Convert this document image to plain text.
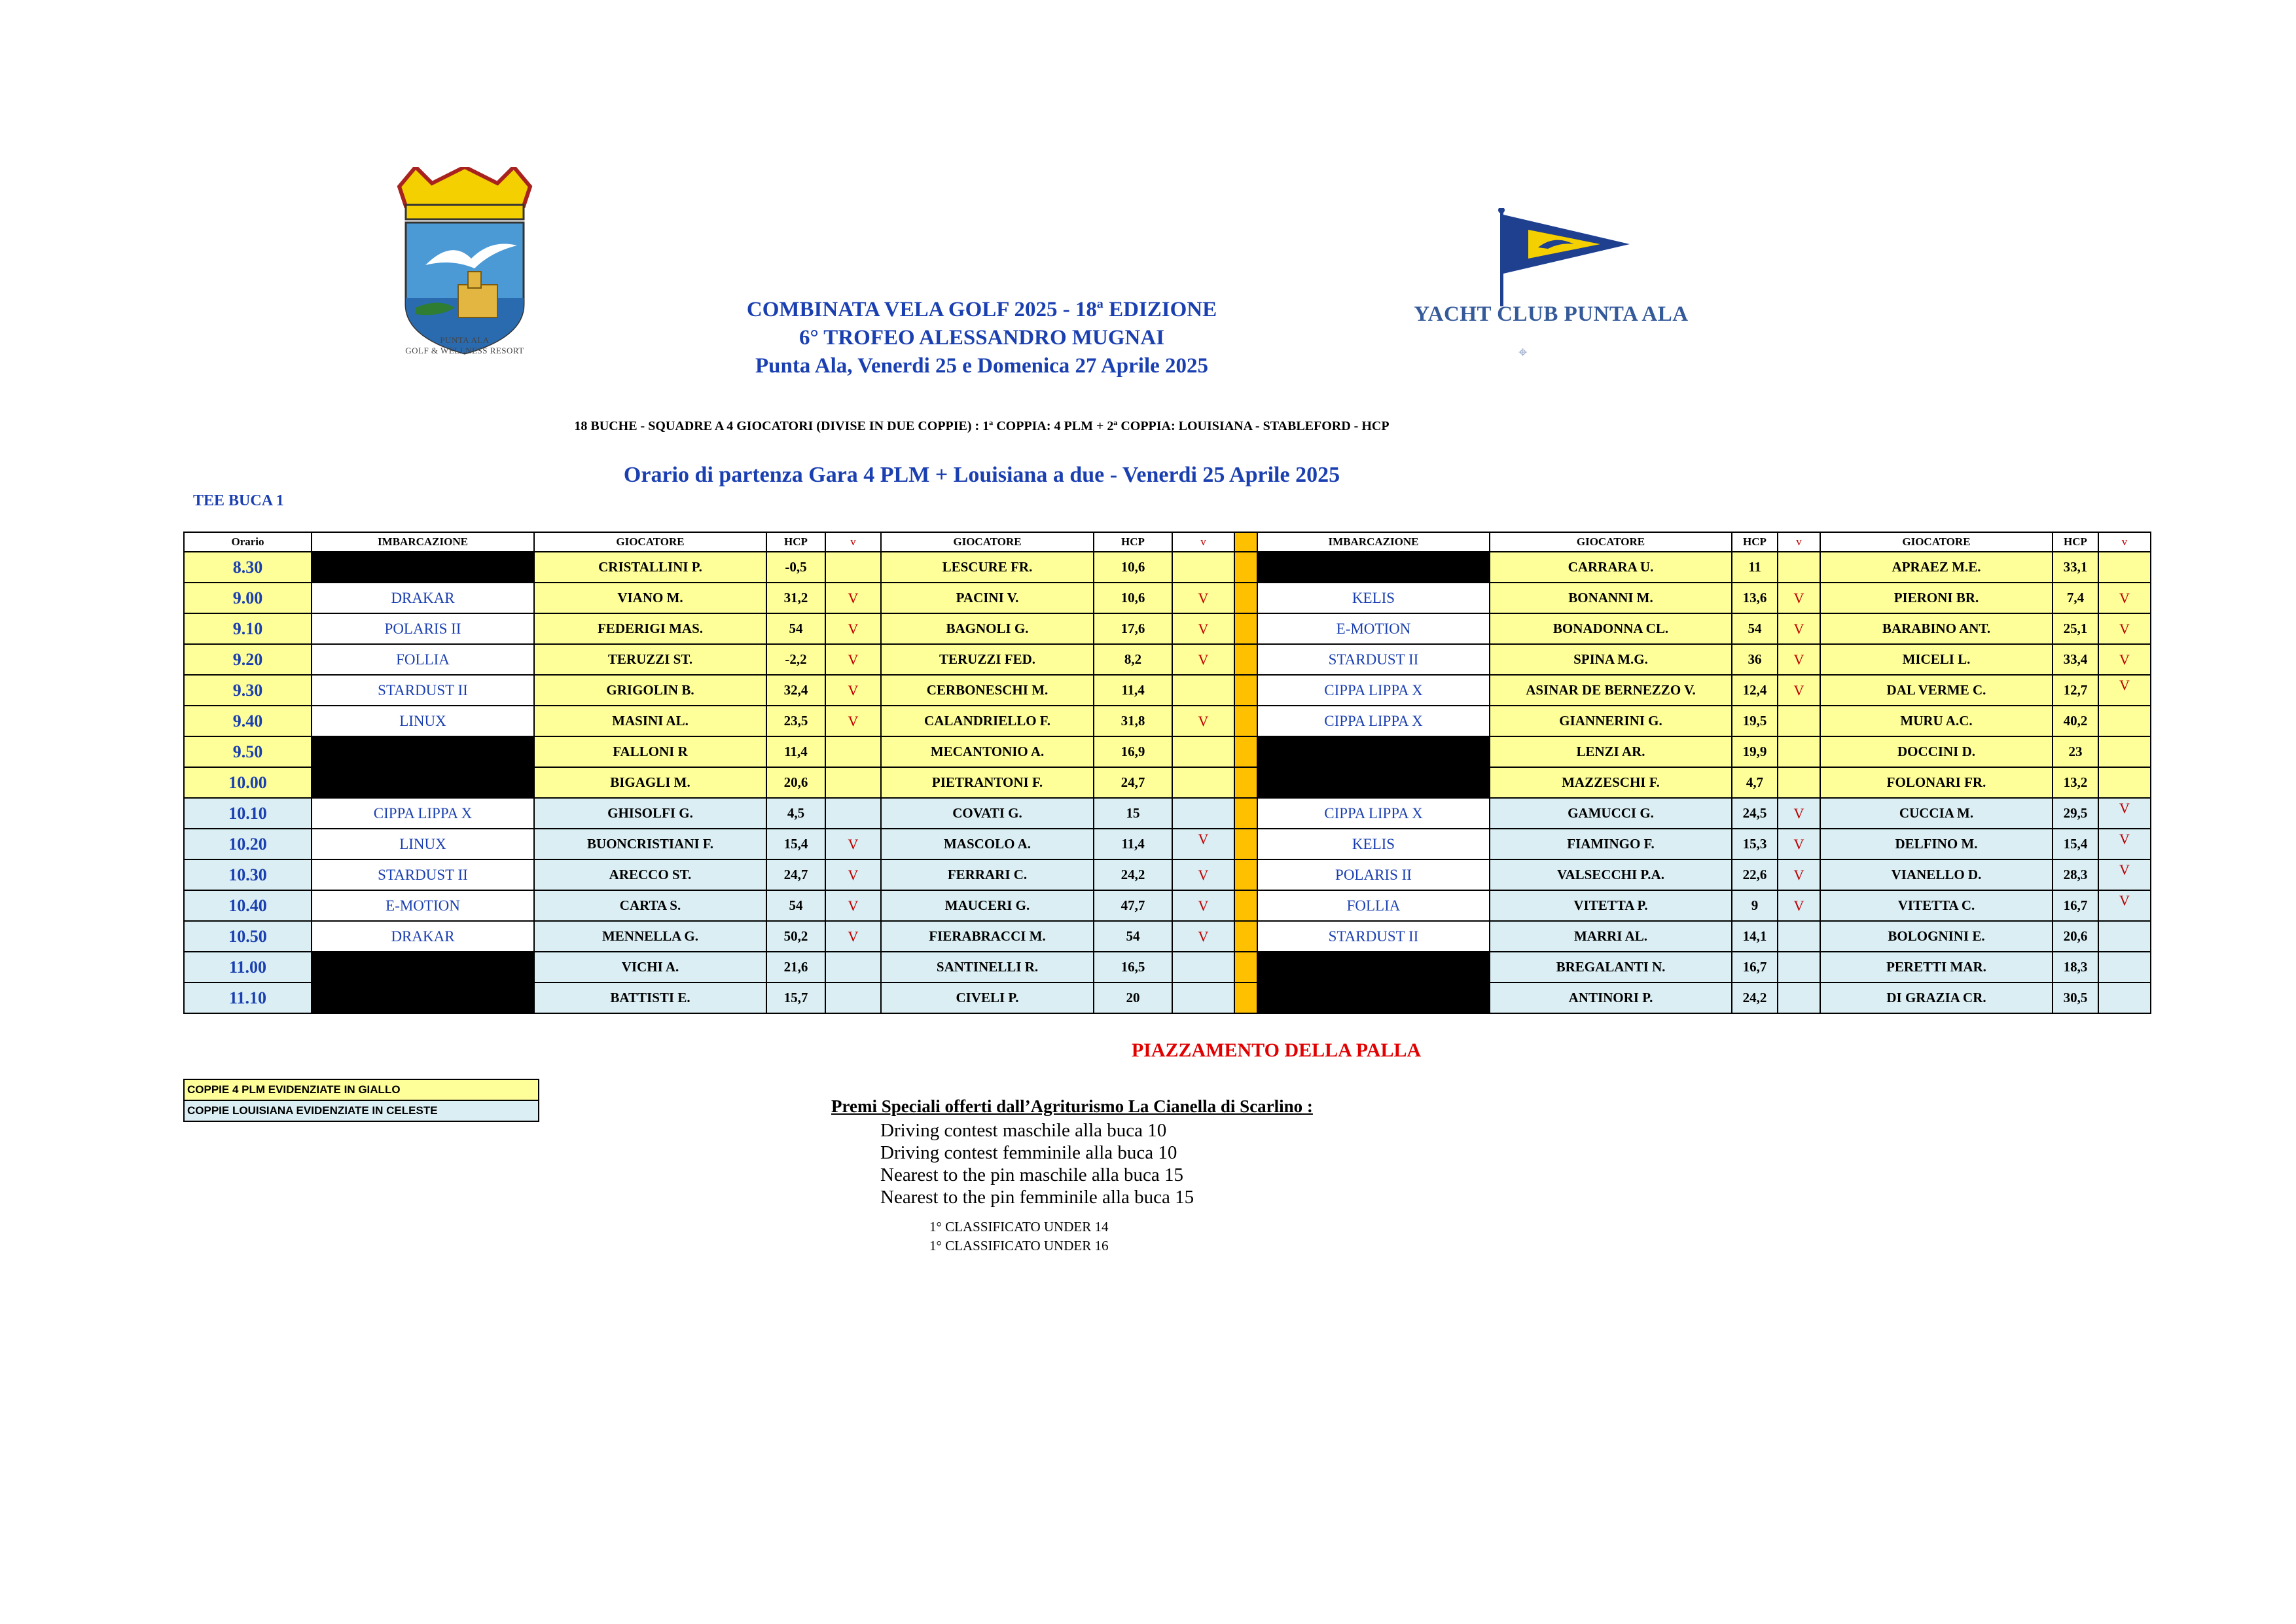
PUNTA ALA
GOLF & WELLNESS RESORT
YACHT CLUB PUNTA ALA
⌖
COMBINATA VELA GOLF 2025 - 18ª EDIZIONE
6° TROFEO ALESSANDRO MUGNAI
Punta Ala, Venerdi 25 e Domenica 27 Aprile 2025
18 BUCHE - SQUADRE A 4 GIOCATORI (DIVISE IN DUE COPPIE) : 1ª COPPIA: 4 PLM + 2ª COPPIA: LOUISIANA - STABLEFORD - HCP
Orario di partenza Gara 4 PLM + Louisiana a due - Venerdi 25 Aprile 2025
TEE BUCA 1
Orario	IMBARCAZIONE	GIOCATORE	HCP	v	GIOCATORE	HCP	v		IMBARCAZIONE	GIOCATORE	HCP	v	GIOCATORE	HCP	v
8.30		CRISTALLINI P.	-0,5		LESCURE FR.	10,6				CARRARA U.	11		APRAEZ M.E.	33,1	
9.00	DRAKAR	VIANO M.	31,2	V	PACINI V.	10,6	V		KELIS	BONANNI M.	13,6	V	PIERONI BR.	7,4	V
9.10	POLARIS II	FEDERIGI MAS.	54	V	BAGNOLI G.	17,6	V		E-MOTION	BONADONNA CL.	54	V	BARABINO ANT.	25,1	V
9.20	FOLLIA	TERUZZI ST.	-2,2	V	TERUZZI FED.	8,2	V		STARDUST II	SPINA M.G.	36	V	MICELI L.	33,4	V
9.30	STARDUST II	GRIGOLIN B.	32,4	V	CERBONESCHI M.	11,4			CIPPA LIPPA X	ASINAR DE BERNEZZO V.	12,4	V	DAL VERME C.	12,7	V
9.40	LINUX	MASINI AL.	23,5	V	CALANDRIELLO F.	31,8	V		CIPPA LIPPA X	GIANNERINI G.	19,5		MURU A.C.	40,2	
9.50		FALLONI R	11,4		MECANTONIO A.	16,9				LENZI AR.	19,9		DOCCINI D.	23	
10.00		BIGAGLI M.	20,6		PIETRANTONI F.	24,7				MAZZESCHI F.	4,7		FOLONARI FR.	13,2	
10.10	CIPPA LIPPA X	GHISOLFI G.	4,5		COVATI G.	15			CIPPA LIPPA X	GAMUCCI G.	24,5	V	CUCCIA M.	29,5	V
10.20	LINUX	BUONCRISTIANI F.	15,4	V	MASCOLO A.	11,4	V		KELIS	FIAMINGO F.	15,3	V	DELFINO M.	15,4	V
10.30	STARDUST II	ARECCO ST.	24,7	V	FERRARI C.	24,2	V		POLARIS II	VALSECCHI P.A.	22,6	V	VIANELLO D.	28,3	V
10.40	E-MOTION	CARTA S.	54	V	MAUCERI G.	47,7	V		FOLLIA	VITETTA P.	9	V	VITETTA C.	16,7	V
10.50	DRAKAR	MENNELLA G.	50,2	V	FIERABRACCI M.	54	V		STARDUST II	MARRI AL.	14,1		BOLOGNINI E.	20,6	
11.00		VICHI A.	21,6		SANTINELLI R.	16,5				BREGALANTI N.	16,7		PERETTI MAR.	18,3	
11.10		BATTISTI E.	15,7		CIVELI P.	20				ANTINORI P.	24,2		DI GRAZIA CR.	30,5	
PIAZZAMENTO DELLA PALLA
COPPIE 4 PLM EVIDENZIATE IN GIALLO
COPPIE LOUISIANA EVIDENZIATE IN CELESTE	Premi Speciali offerti dall’Agriturismo La Cianella di Scarlino :
Driving contest maschile alla buca 10
Driving contest femminile alla buca 10
Nearest to the pin maschile alla buca 15
Nearest to the pin femminile alla buca 15
1° CLASSIFICATO UNDER 14
1° CLASSIFICATO UNDER 16
